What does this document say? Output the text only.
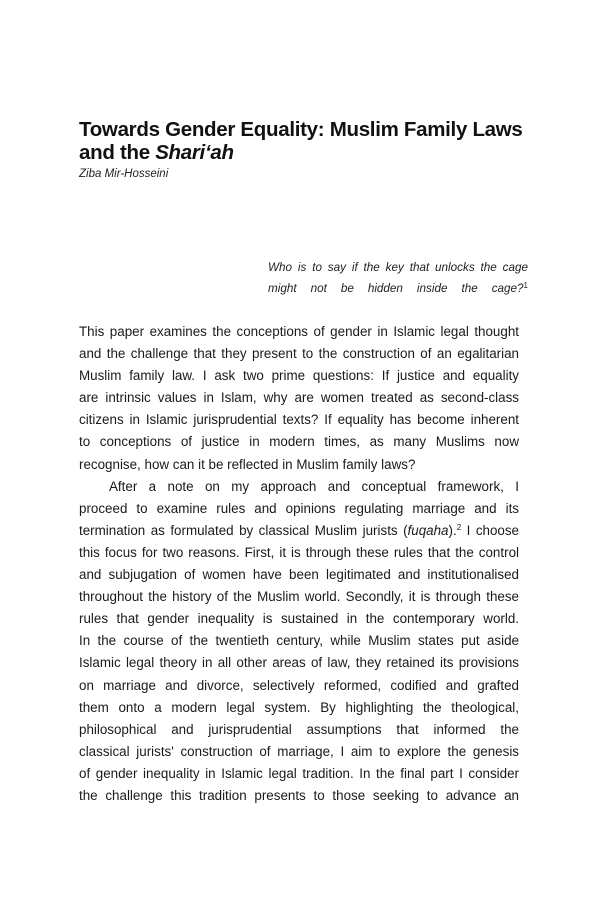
Towards Gender Equality: Muslim Family Laws
and the Shari‘ah
Ziba Mir-Hosseini
Who is to say if the key that unlocks the cage
might not be hidden inside the cage?$^1$

This paper examines the conceptions of gender in Islamic legal thought
and the challenge that they present to the construction of an egalitarian
Muslim family law. I ask two prime questions: If justice and equality
are intrinsic values in Islam, why are women treated as second-class
citizens in Islamic jurisprudential texts? If equality has become inherent
to conceptions of justice in modern times, as many Muslims now
recognise, how can it be reflected in Muslim family laws?

After a note on my approach and conceptual framework, I
proceed to examine rules and opinions regulating marriage and its
termination as formulated by classical Muslim jurists (fuqaha).$^2$ I choose
this focus for two reasons. First, it is through these rules that the control
and subjugation of women have been legitimated and institutionalised
throughout the history of the Muslim world. Secondly, it is through these
rules that gender inequality is sustained in the contemporary world.
In the course of the twentieth century, while Muslim states put aside
Islamic legal theory in all other areas of law, they retained its provisions
on marriage and divorce, selectively reformed, codified and grafted
them onto a modern legal system. By highlighting the theological,
philosophical and jurisprudential assumptions that informed the
classical jurists' construction of marriage, I aim to explore the genesis
of gender inequality in Islamic legal tradition. In the final part I consider
the challenge this tradition presents to those seeking to advance an
